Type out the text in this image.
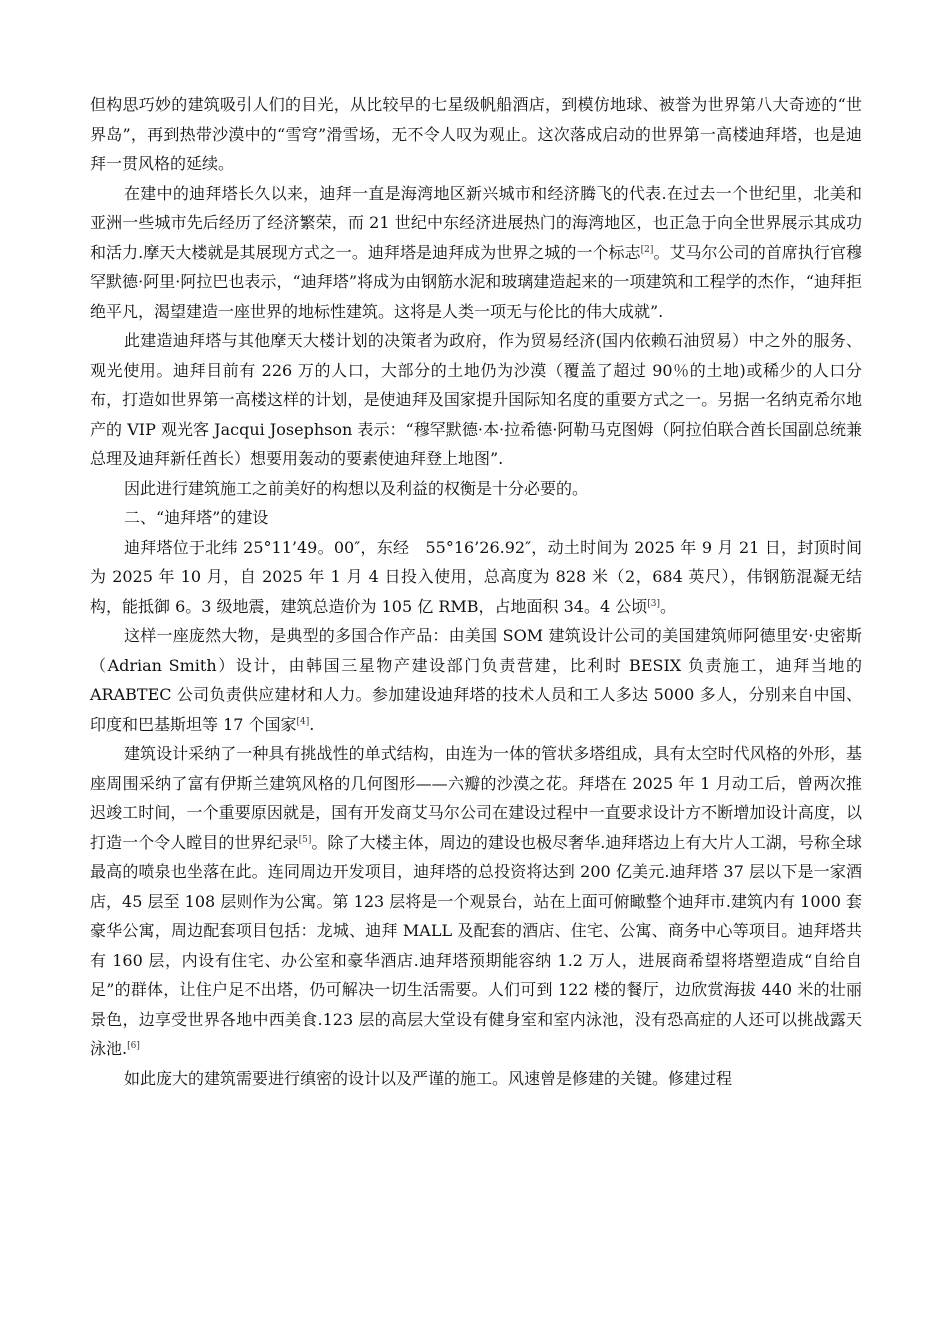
但构思巧妙的建筑吸引人们的目光，从比较早的七星级帆船酒店，到模仿地球、被誉为世界第八大奇迹的“世界岛”，再到热带沙漠中的“雪穹”滑雪场，无不令人叹为观止。这次落成启动的世界第一高楼迪拜塔，也是迪拜一贯风格的延续。

在建中的迪拜塔长久以来，迪拜一直是海湾地区新兴城市和经济腾飞的代表.在过去一个世纪里，北美和亚洲一些城市先后经历了经济繁荣，而 21 世纪中东经济进展热门的海湾地区，也正急于向全世界展示其成功和活力.摩天大楼就是其展现方式之一。迪拜塔是迪拜成为世界之城的一个标志[2]。艾马尔公司的首席执行官穆罕默德·阿里·阿拉巴也表示，“迪拜塔”将成为由钢筋水泥和玻璃建造起来的一项建筑和工程学的杰作，“迪拜拒绝平凡，渴望建造一座世界的地标性建筑。这将是人类一项无与伦比的伟大成就”.

此建造迪拜塔与其他摩天大楼计划的决策者为政府，作为贸易经济(国内依赖石油贸易）中之外的服务、观光使用。迪拜目前有 226 万的人口，大部分的土地仍为沙漠（覆盖了超过 90％的土地)或稀少的人口分布，打造如世界第一高楼这样的计划，是使迪拜及国家提升国际知名度的重要方式之一。另据一名纳克希尔地产的 VIP 观光客 Jacqui Josephson 表示：“穆罕默德·本·拉希德·阿勒马克图姆（阿拉伯联合酋长国副总统兼总理及迪拜新任酋长）想要用轰动的要素使迪拜登上地图”.

因此进行建筑施工之前美好的构想以及利益的权衡是十分必要的。

二、“迪拜塔”的建设

迪拜塔位于北纬 25°11’49。00″，东经　55°16’26.92″，动土时间为 2025 年 9 月 21 日，封顶时间为 2025 年 10 月，自 2025 年 1 月 4 日投入使用，总高度为 828 米（2，684 英尺），伟钢筋混凝无结构，能抵御 6。3 级地震，建筑总造价为 105 亿 RMB，占地面积 34。4 公顷[3]。

这样一座庞然大物，是典型的多国合作产品：由美国 SOM 建筑设计公司的美国建筑师阿德里安·史密斯（Adrian Smith）设计，由韩国三星物产建设部门负责营建，比利时 BESIX 负责施工，迪拜当地的 ARABTEC 公司负责供应建材和人力。参加建设迪拜塔的技术人员和工人多达 5000 多人，分别来自中国、印度和巴基斯坦等 17 个国家[4].

建筑设计采纳了一种具有挑战性的单式结构，由连为一体的管状多塔组成，具有太空时代风格的外形，基座周围采纳了富有伊斯兰建筑风格的几何图形——六瓣的沙漠之花。拜塔在 2025 年 1 月动工后，曾两次推迟竣工时间，一个重要原因就是，国有开发商艾马尔公司在建设过程中一直要求设计方不断增加设计高度，以打造一个令人瞠目的世界纪录[5]。除了大楼主体，周边的建设也极尽奢华.迪拜塔边上有大片人工湖，号称全球最高的喷泉也坐落在此。连同周边开发项目，迪拜塔的总投资将达到 200 亿美元.迪拜塔 37 层以下是一家酒店，45 层至 108 层则作为公寓。第 123 层将是一个观景台，站在上面可俯瞰整个迪拜市.建筑内有 1000 套豪华公寓，周边配套项目包括：龙城、迪拜 MALL 及配套的酒店、住宅、公寓、商务中心等项目。迪拜塔共有 160 层，内设有住宅、办公室和豪华酒店.迪拜塔预期能容纳 1.2 万人，进展商希望将塔塑造成“自给自足”的群体，让住户足不出塔，仍可解决一切生活需要。人们可到 122 楼的餐厅，边欣赏海拔 440 米的壮丽景色，边享受世界各地中西美食.123 层的高层大堂设有健身室和室内泳池，没有恐高症的人还可以挑战露天泳池.[6]

如此庞大的建筑需要进行缜密的设计以及严谨的施工。风速曾是修建的关键。修建过程
